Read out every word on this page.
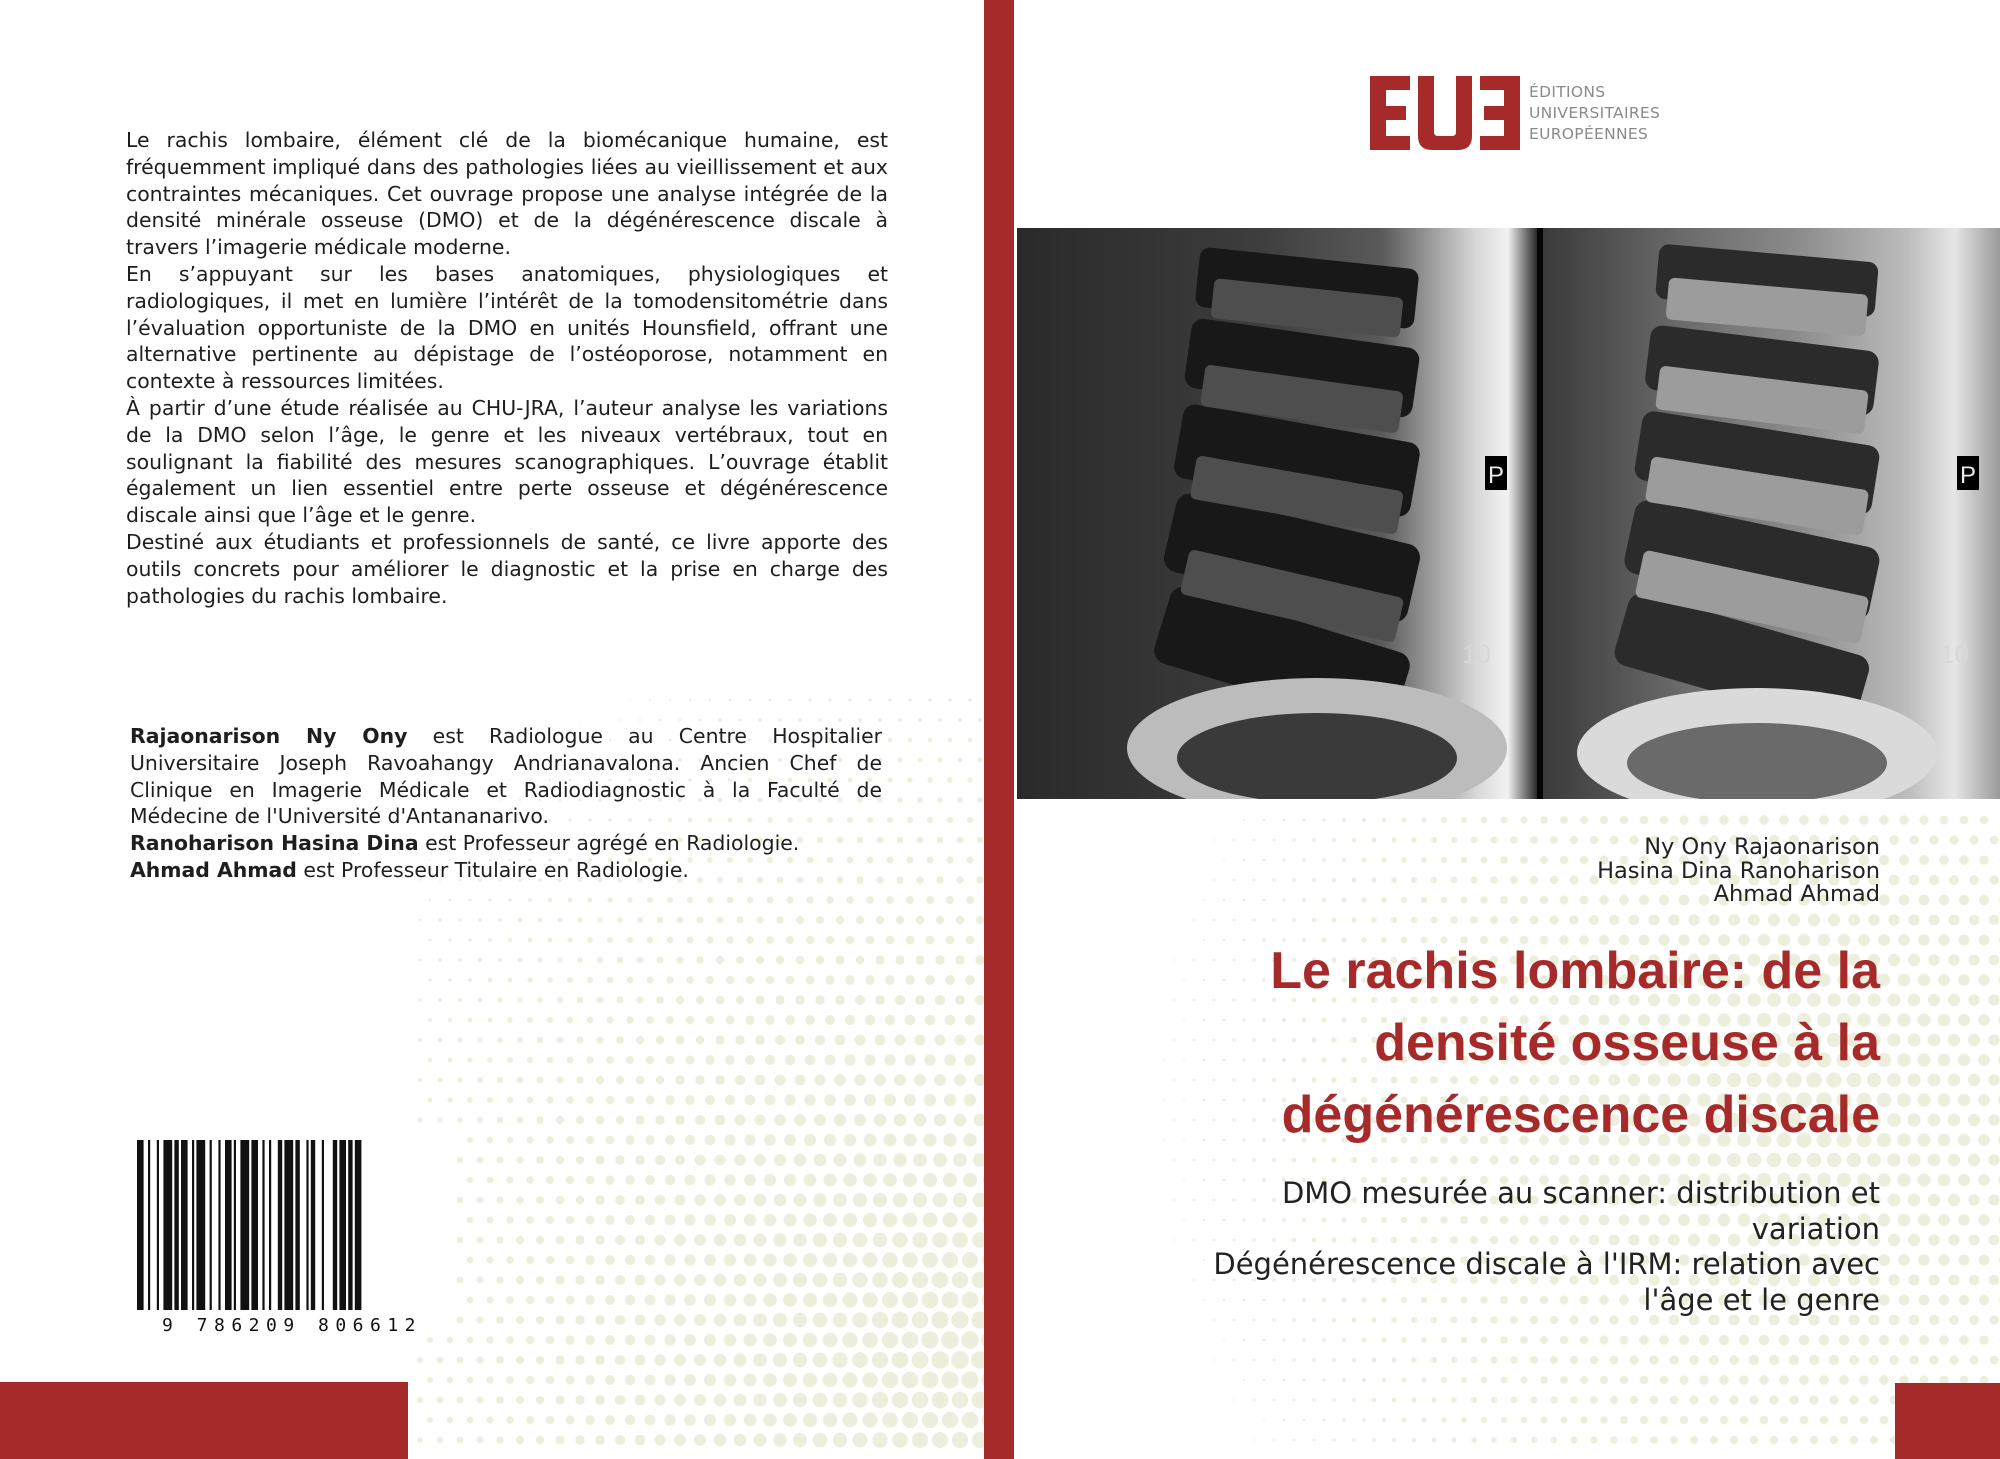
Le rachis lombaire, élément clé de la biomécanique humaine, est fréquemment impliqué dans des pathologies liées au vieillissement et aux contraintes mécaniques. Cet ouvrage propose une analyse intégrée de la densité minérale osseuse (DMO) et de la dégénérescence discale à travers l’imagerie médicale moderne.

En s’appuyant sur les bases anatomiques, physiologiques et radiologiques, il met en lumière l’intérêt de la tomodensitométrie dans l’évaluation opportuniste de la DMO en unités Hounsfield, offrant une alternative pertinente au dépistage de l’ostéoporose, notamment en contexte à ressources limitées.

À partir d’une étude réalisée au CHU-JRA, l’auteur analyse les variations de la DMO selon l’âge, le genre et les niveaux vertébraux, tout en soulignant la fiabilité des mesures scanographiques. L’ouvrage établit également un lien essentiel entre perte osseuse et dégénérescence discale ainsi que l’âge et le genre.

Destiné aux étudiants et professionnels de santé, ce livre apporte des outils concrets pour améliorer le diagnostic et la prise en charge des pathologies du rachis lombaire.

Rajaonarison Ny Ony est Radiologue au Centre Hospitalier Universitaire Joseph Ravoahangy Andrianavalona. Ancien Chef de Clinique en Imagerie Médicale et Radiodiagnostic à la Faculté de Médecine de l'Université d'Antananarivo.

Ranoharison Hasina Dina est Professeur agrégé en Radiologie.

Ahmad Ahmad est Professeur Titulaire en Radiologie.

9 786209 806612
ÉDITIONS
UNIVERSITAIRES
EUROPÉENNES
P
10
P
10
Ny Ony Rajaonarison
Hasina Dina Ranoharison
Ahmad Ahmad
Le rachis lombaire: de la
densité osseuse à la
dégénérescence discale
DMO mesurée au scanner: distribution et
variation
Dégénérescence discale à l'IRM: relation avec
l'âge et le genre
